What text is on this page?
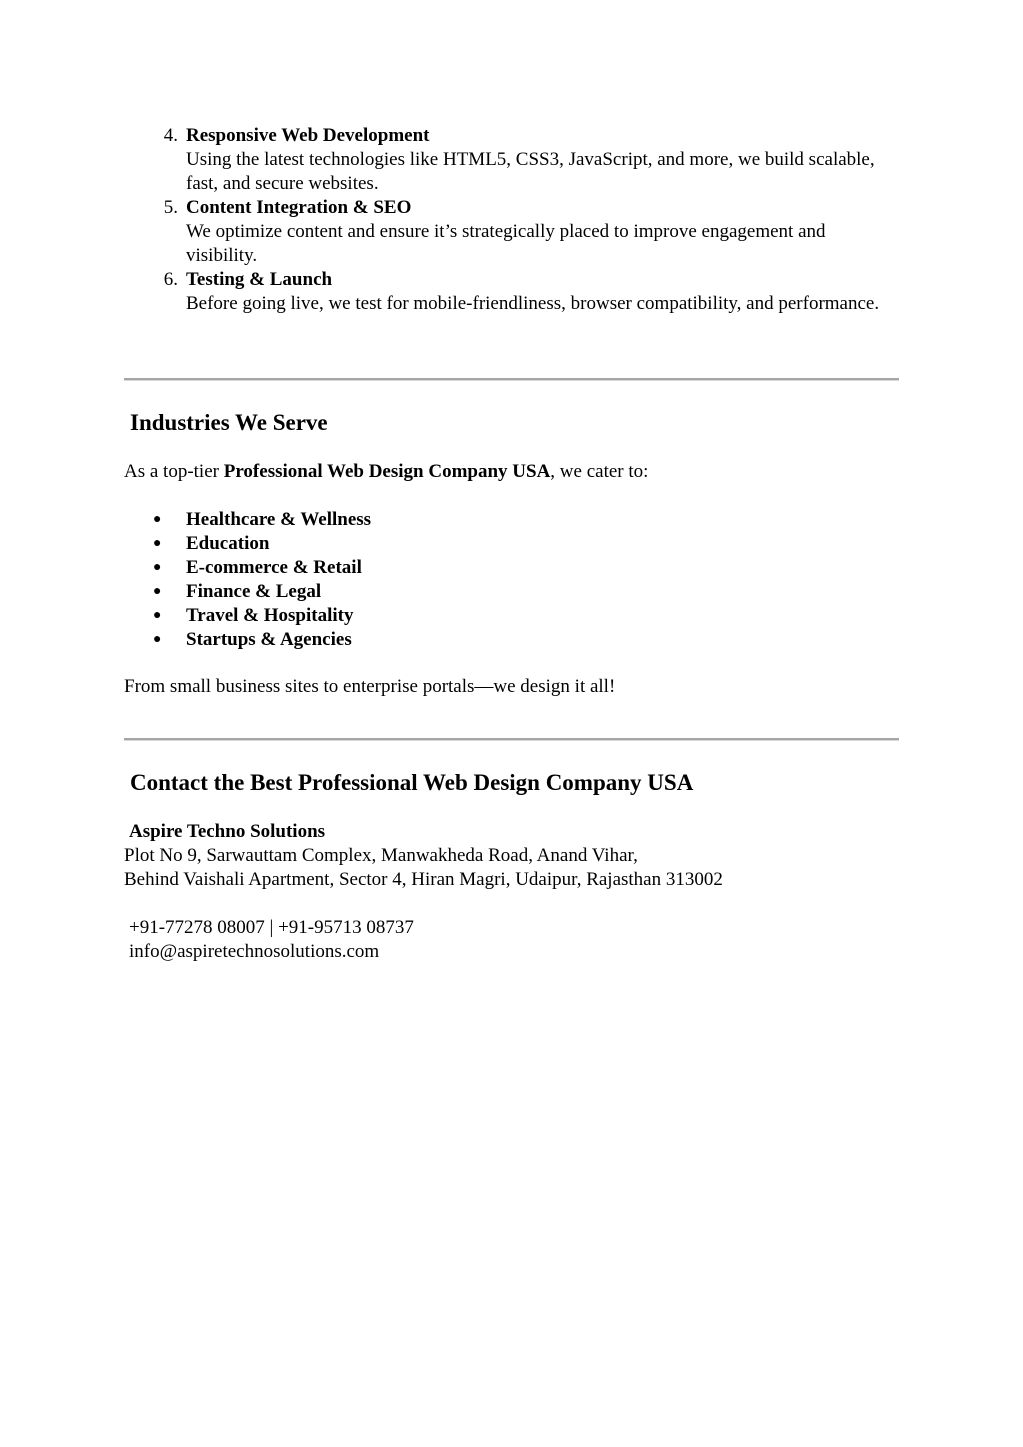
4. Responsive Web Development
Using the latest technologies like HTML5, CSS3, JavaScript, and more, we build scalable, fast, and secure websites.
5. Content Integration & SEO
We optimize content and ensure it’s strategically placed to improve engagement and visibility.
6. Testing & Launch
Before going live, we test for mobile-friendliness, browser compatibility, and performance.
Industries We Serve

As a top-tier Professional Web Design Company USA, we cater to:

●	Healthcare & Wellness
●	Education
●	E-commerce & Retail
●	Finance & Legal
●	Travel & Hospitality
●	Startups & Agencies

From small business sites to enterprise portals—we design it all!

Contact the Best Professional Web Design Company USA
Aspire Techno Solutions
Plot No 9, Sarwauttam Complex, Manwakheda Road, Anand Vihar,
Behind Vaishali Apartment, Sector 4, Hiran Magri, Udaipur, Rajasthan 313002
+91-77278 08007 | +91-95713 08737
info@aspiretechnosolutions.com
